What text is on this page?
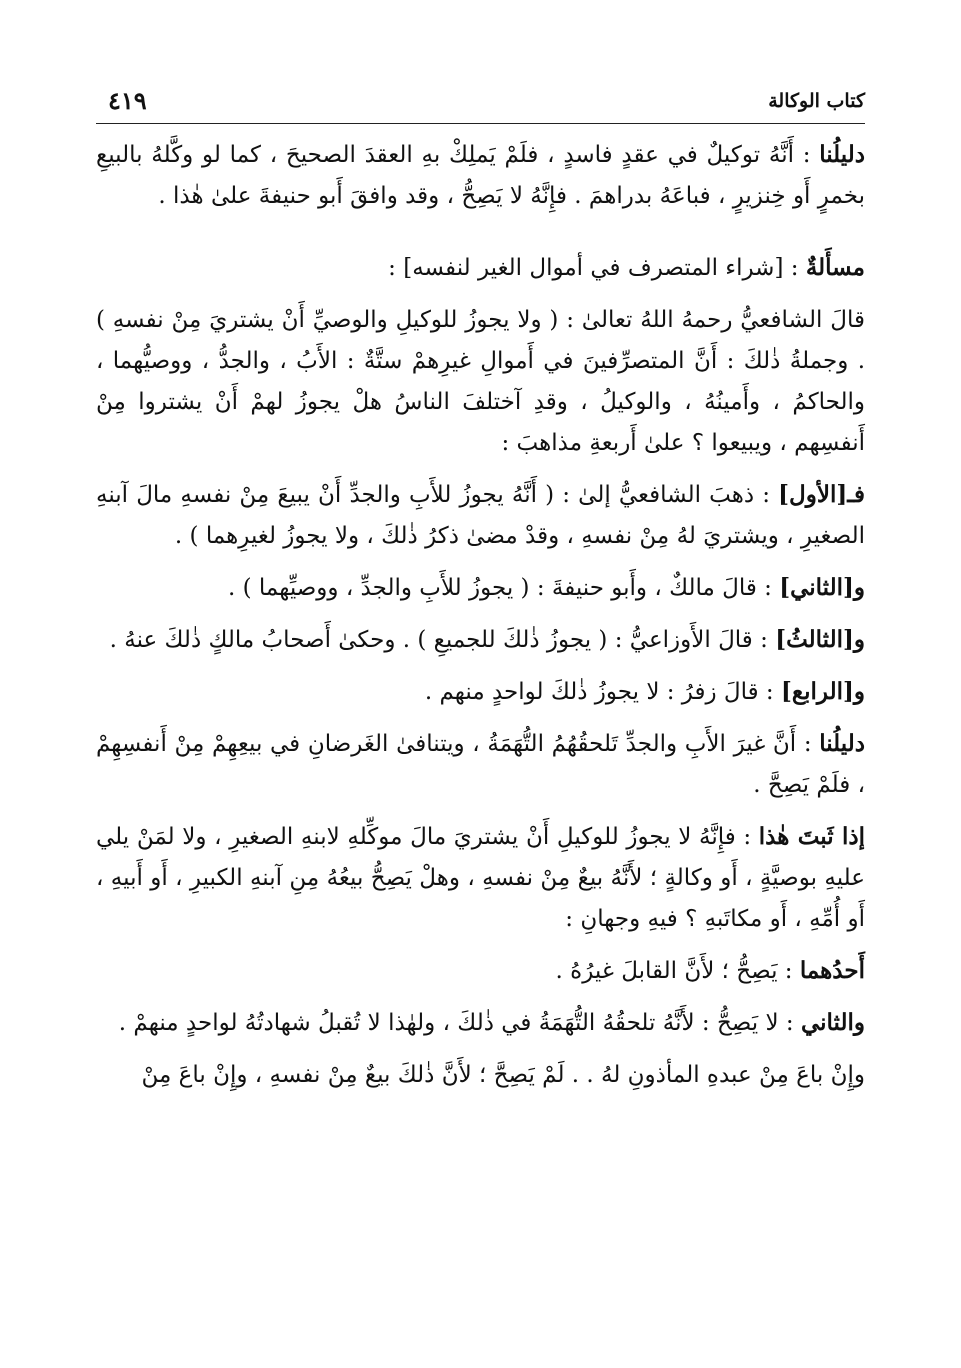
كتاب الوكالة
٤١٩

دليلُنا : أَنَّهُ توكيلٌ في عقدٍ فاسدٍ ، فلَمْ يَملِكْ بهِ العقدَ الصحيحَ ، كما لو وكَّلهُ بالبيعِ بخمرٍ أَو خِنزيرٍ ، فباعَهُ بدراهمَ . فإِنَّهُ لا يَصِحُّ ، وقد وافقَ أَبو حنيفةَ علىٰ هٰذا .

مسأَلةٌ : [شراء المتصرف في أموال الغير لنفسه] :

قالَ الشافعيُّ رحمهُ اللهُ تعالىٰ : ( ولا يجوزُ للوكيلِ والوصيِّ أَنْ يشتريَ مِنْ نفسهِ ) . وجملةُ ذٰلكَ : أَنَّ المتصرِّفينَ في أَموالِ غيرِهمْ ستَّةٌ : الأَبُ ، والجدُّ ، ووصيُّهما ، والحاكمُ ، وأَمينُهُ ، والوكيلُ ، وقدِ آختلفَ الناسُ هلْ يجوزُ لهمْ أَنْ يشتروا مِنْ أَنفسِهم ، ويبيعوا ؟ علىٰ أَربعةِ مذاهبَ :

فـ[الأول] : ذهبَ الشافعيُّ إلىٰ : ( أَنَّهُ يجوزُ للأَبِ والجدِّ أَنْ يبيعَ مِنْ نفسهِ مالَ آبنهِ الصغيرِ ، ويشتريَ لهُ مِنْ نفسهِ ، وقدْ مضىٰ ذكرُ ذٰلكَ ، ولا يجوزُ لغيرِهما ) .

و[الثاني] : قالَ مالكٌ ، وأَبو حنيفةَ : ( يجوزُ للأَبِ والجدِّ ، ووصيِّهما ) .

و[الثالثُ] : قالَ الأَوزاعيُّ : ( يجوزُ ذٰلكَ للجميعِ ) . وحكىٰ أَصحابُ مالكٍ ذٰلكَ عنهُ .

و[الرابع] : قالَ زفرُ : لا يجوزُ ذٰلكَ لواحدٍ منهم .

دليلُنا : أَنَّ غيرَ الأَبِ والجدِّ تَلحقُهُمُ التُّهَمَةُ ، ويتنافىٰ الغَرضانِ في بيعِهِمْ مِنْ أَنفسِهِمْ ، فلَمْ يَصِحَّ .

إذا ثَبتَ هٰذا : فإِنَّهُ لا يجوزُ للوكيلِ أَنْ يشتريَ مالَ موكِّلهِ لابنهِ الصغيرِ ، ولا لمَنْ يلي عليهِ بوصيَّةٍ ، أَو وكالةٍ ؛ لأَنَّهُ بيعٌ مِنْ نفسهِ ، وهلْ يَصِحُّ بيعُهُ مِنِ آبنهِ الكبيرِ ، أَو أَبيهِ ، أَو أُمِّهِ ، أَو مكاتَبهِ ؟ فيهِ وجهانِ :

أَحدُهما : يَصِحُّ ؛ لأَنَّ القابلَ غيرُهُ .

والثاني : لا يَصِحُّ : لأَنَّهُ تلحقُهُ التُّهَمَةُ في ذٰلكَ ، ولهٰذا لا تُقبلُ شهادتُهُ لواحدٍ منهمْ .

وإِنْ باعَ مِنْ عبدهِ المأذونِ لهُ . . لَمْ يَصِحَّ ؛ لأَنَّ ذٰلكَ بيعٌ مِنْ نفسهِ ، وإِنْ باعَ مِنْ
